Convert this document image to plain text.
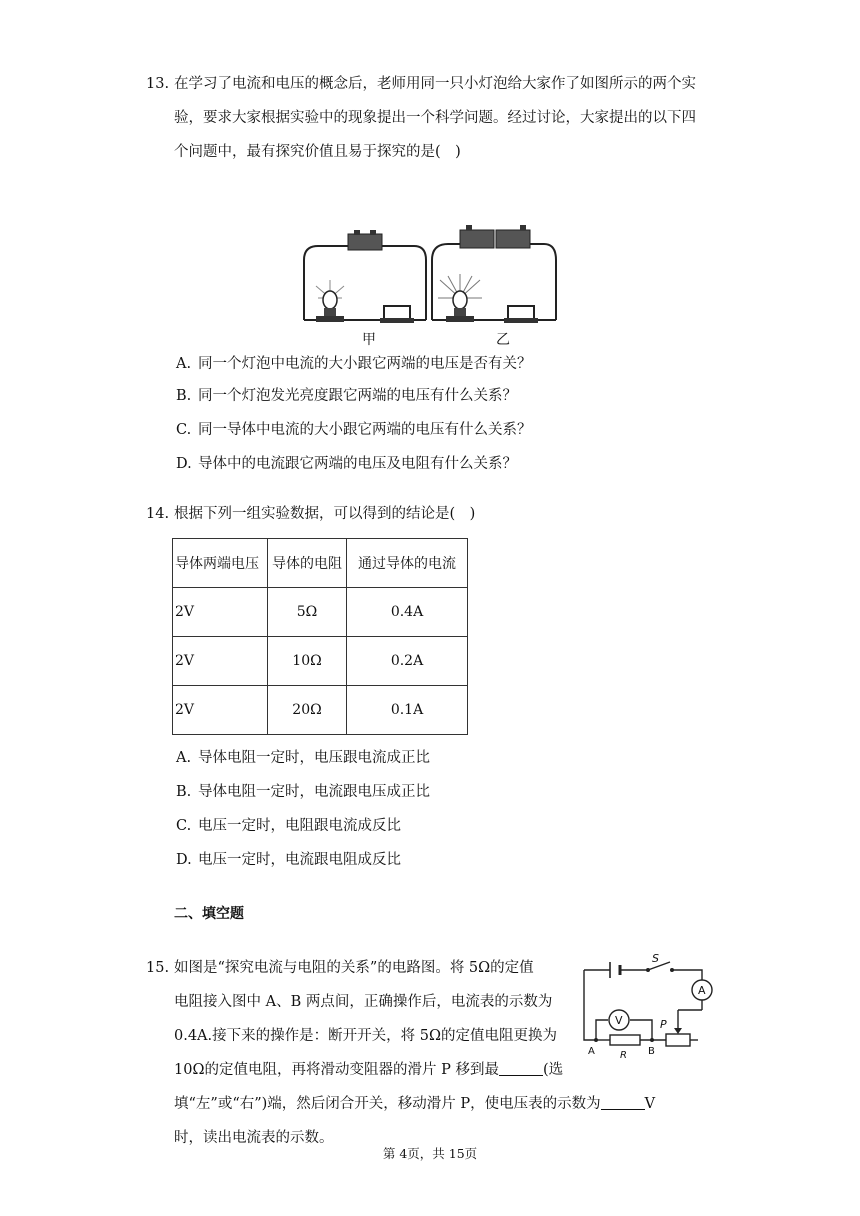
13. 在学习了电流和电压的概念后，老师用同一只小灯泡给大家作了如图所示的两个实
验，要求大家根据实验中的现象提出一个科学问题。经过讨论，大家提出的以下四
个问题中，最有探究价值且易于探究的是(　)
甲	乙
A. 同一个灯泡中电流的大小跟它两端的电压是否有关？
B. 同一个灯泡发光亮度跟它两端的电压有什么关系？
C. 同一导体中电流的大小跟它两端的电压有什么关系？
D. 导体中的电流跟它两端的电压及电阻有什么关系？
14. 根据下列一组实验数据，可以得到的结论是(　)
导体两端电压	导体的电阻	通过导体的电流
2V	5Ω	0.4A
2V	10Ω	0.2A
2V	20Ω	0.1A
A. 导体电阻一定时，电压跟电流成正比
B. 导体电阻一定时，电流跟电压成正比
C. 电压一定时，电阻跟电流成反比
D. 电压一定时，电流跟电阻成反比
二、填空题
15. 如图是“探究电流与电阻的关系”的电路图。将 5Ω的定值
电阻接入图中 A、B 两点间，正确操作后，电流表的示数为
0.4A.接下来的操作是：断开开关，将 5Ω的定值电阻更换为
10Ω的定值电阻，再将滑动变阻器的滑片 P 移到最	(选
填“左”或“右”)端，然后闭合开关，移动滑片 P，使电压表的示数为	V
时，读出电流表的示数。
S
A
V	P
A	B
R
第 4页，共 15页
